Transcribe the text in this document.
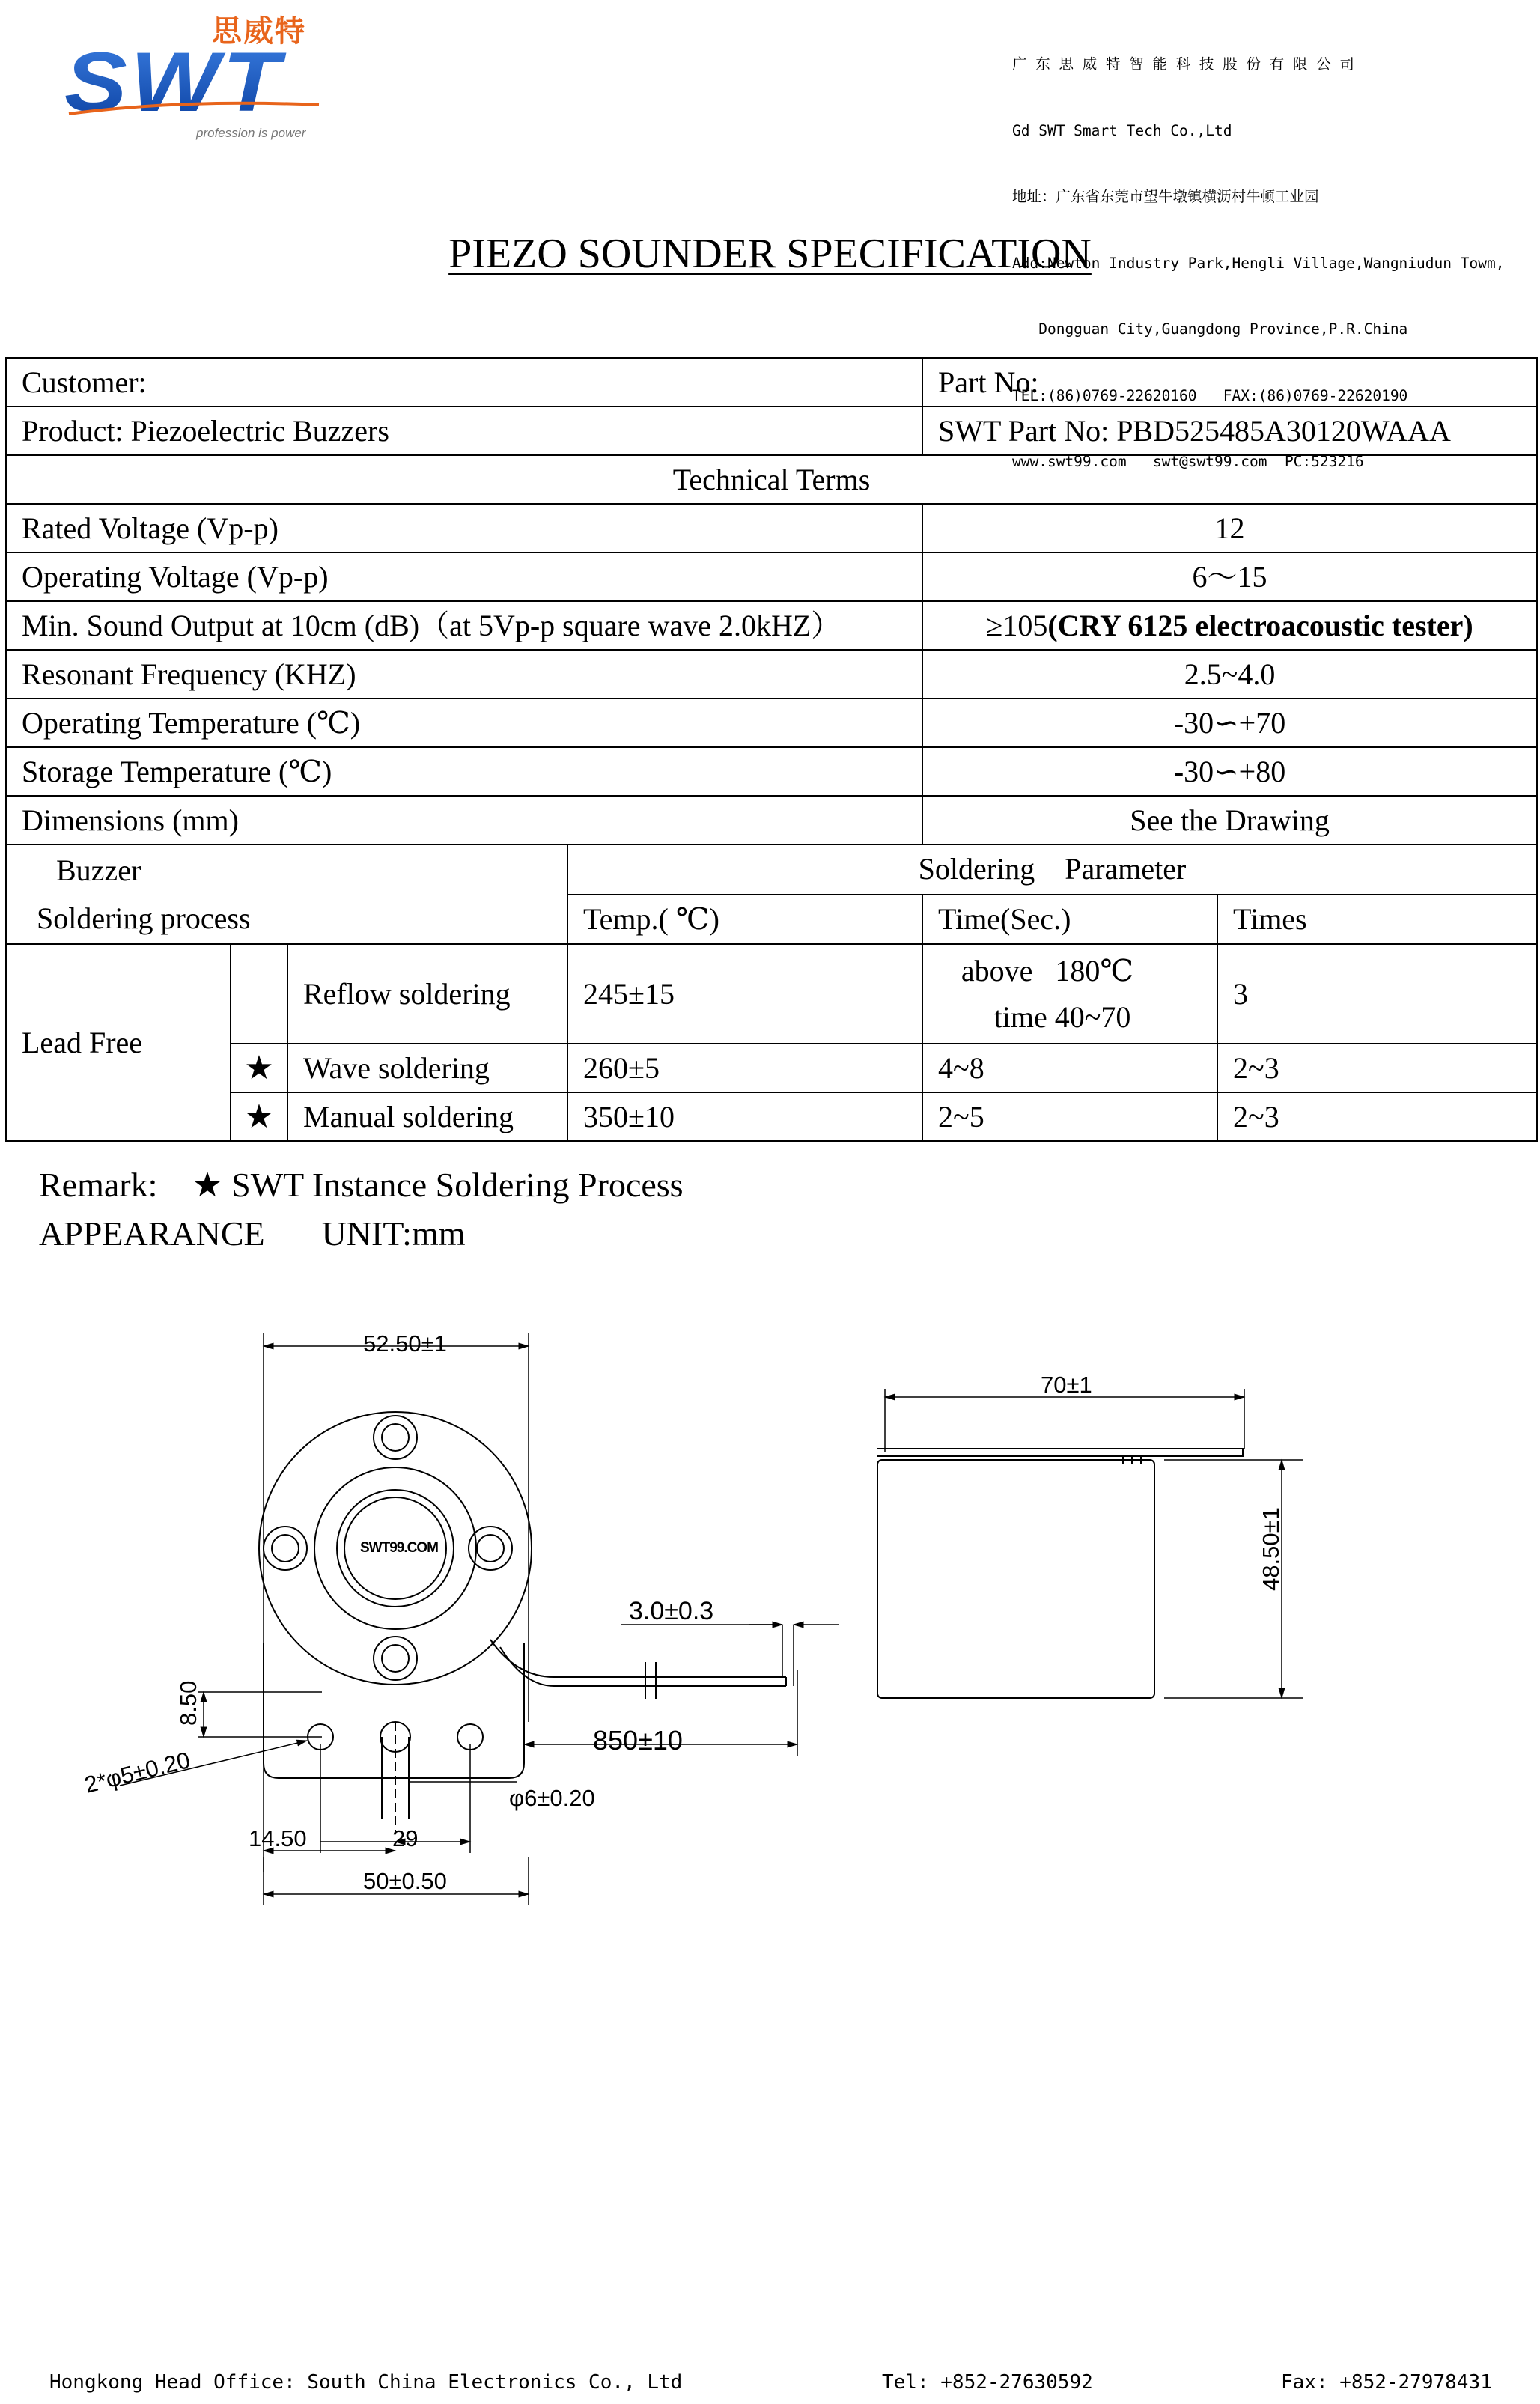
思威特
SWT
profession is power

广 东 思 威 特 智 能 科 技 股 份 有 限 公 司

Gd SWT Smart Tech Co.,Ltd

地址：广东省东莞市望牛墩镇横沥村牛顿工业园

Add:Newton Industry Park,Hengli Village,Wangniudun Towm,

Dongguan City,Guangdong Province,P.R.China

TEL:(86)0769-22620160   FAX:(86)0769-22620190

www.swt99.com   swt@swt99.com  PC:523216

PIEZO SOUNDER SPECIFICATION
Customer:				Part No:	
Product: Piezoelectric Buzzers				SWT Part No: PBD525485A30120WAAA	
Technical Terms					
Rated Voltage (Vp-p)				12	
Operating Voltage (Vp-p)				6～15	
Min. Sound Output at 10cm (dB)（at 5Vp-p square wave 2.0kHZ）				≥105(CRY 6125 electroacoustic tester)	
Resonant Frequency (KHZ)				2.5~4.0	
Operating Temperature (℃)				-30∽+70	
Storage Temperature (℃)				-30∽+80	
Dimensions (mm)				See the Drawing	

Buzzer
Soldering process			Soldering    Parameter		
			Temp.( ℃)	Time(Sec.)	Times
Lead Free		Reflow soldering	245±15	above   180℃
time 40~70	3
	★	Wave soldering	260±5	4~8	2~3
	★	Manual soldering	350±10	2~5	2~3
Remark: ★ SWT Instance Soldering Process
APPEARANCE UNIT:mm
SWT99.COM
52.50±1
3.0±0.3
8.50
2*φ5±0.20
850±10
φ6±0.20
14.50	29
50±0.50
70±1
48.50±1
Hongkong Head Office: South China Electronics Co., Ltd	Tel: +852-27630592	Fax: +852-27978431
